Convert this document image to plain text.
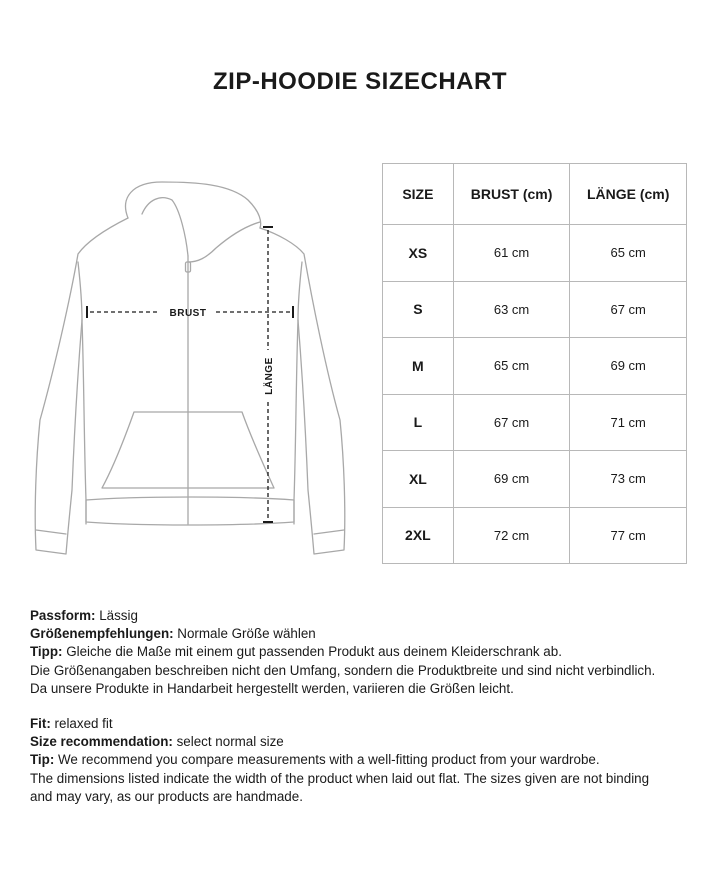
ZIP-HOODIE SIZECHART
BRUST
LÄNGE
SIZE	BRUST (cm)	LÄNGE (cm)
XS	61 cm	65 cm
S	63 cm	67 cm
M	65 cm	69 cm
L	67 cm	71 cm
XL	69 cm	73 cm
2XL	72 cm	77 cm

Passform: Lässig

Größenempfehlungen: Normale Größe wählen

Tipp: Gleiche die Maße mit einem gut passenden Produkt aus deinem Kleiderschrank ab.

Die Größenangaben beschreiben nicht den Umfang, sondern die Produktbreite und sind nicht verbindlich.

Da unsere Produkte in Handarbeit hergestellt werden, variieren die Größen leicht.

Fit: relaxed fit

Size recommendation: select normal size

Tip: We recommend you compare measurements with a well-fitting product from your wardrobe.

The dimensions listed indicate the width of the product when laid out flat. The sizes given are not binding

and may vary, as our products are handmade.
